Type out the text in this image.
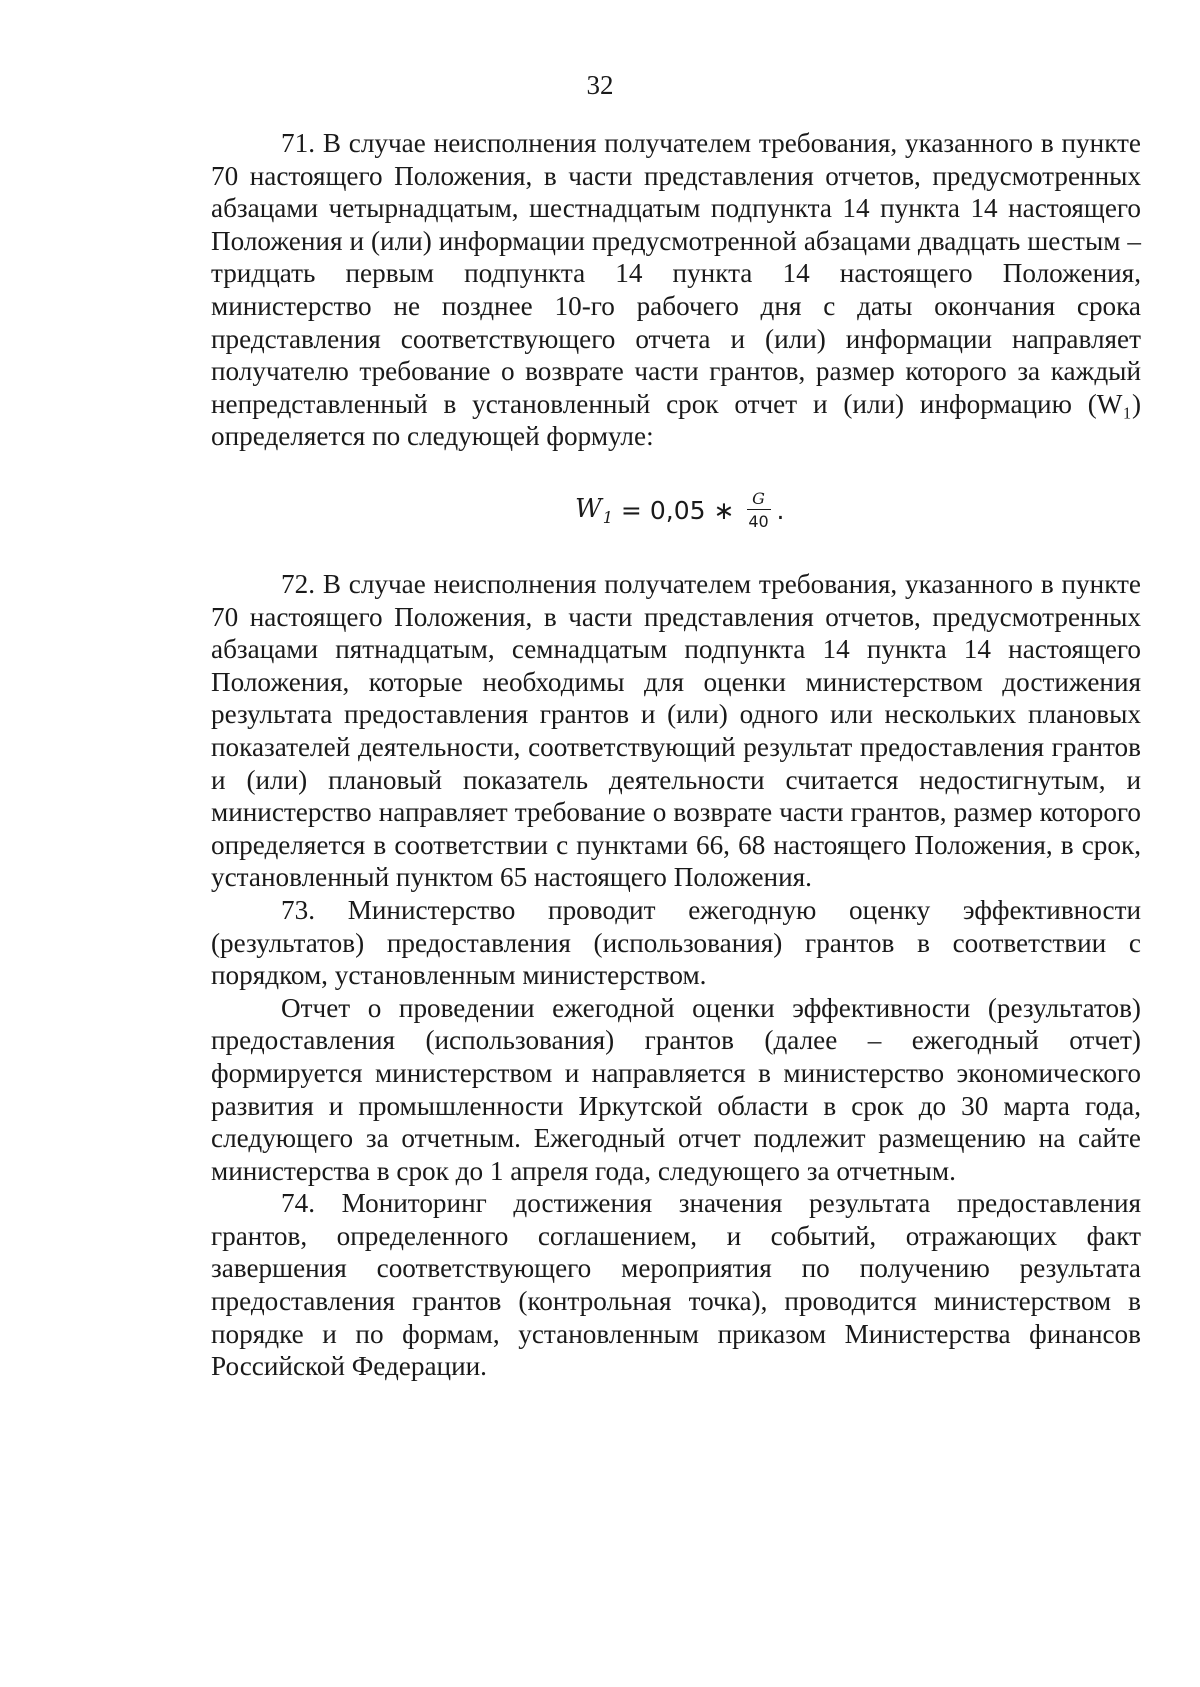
32

71. В случае неисполнения получателем требования, указанного в пункте 70 настоящего Положения, в части представления отчетов, предусмотренных абзацами четырнадцатым, шестнадцатым подпункта 14 пункта 14 настоящего Положения и (или) информации предусмотренной абзацами двадцать шестым – тридцать первым подпункта 14 пункта 14 настоящего Положения, министерство не позднее 10-го рабочего дня с даты окончания срока представления соответствующего отчета и (или) информации направляет получателю требование о возврате части грантов, размер которого за каждый непредставленный в установленный срок отчет и (или) информацию (W₁) определяется по следующей формуле:

$W_1 = 0,05$ ∗ $\frac{G}{40}$ .

72. В случае неисполнения получателем требования, указанного в пункте 70 настоящего Положения, в части представления отчетов, предусмотренных абзацами пятнадцатым, семнадцатым подпункта 14 пункта 14 настоящего Положения, которые необходимы для оценки министерством достижения результата предоставления грантов и (или) одного или нескольких плановых показателей деятельности, соответствующий результат предоставления грантов и (или) плановый показатель деятельности считается недостигнутым, и министерство направляет требование о возврате части грантов, размер которого определяется в соответствии с пунктами 66, 68 настоящего Положения, в срок, установленный пунктом 65 настоящего Положения.

73. Министерство проводит ежегодную оценку эффективности (результатов) предоставления (использования) грантов в соответствии с порядком, установленным министерством.

Отчет о проведении ежегодной оценки эффективности (результатов) предоставления (использования) грантов (далее – ежегодный отчет) формируется министерством и направляется в министерство экономического развития и промышленности Иркутской области в срок до 30 марта года, следующего за отчетным. Ежегодный отчет подлежит размещению на сайте министерства в срок до 1 апреля года, следующего за отчетным.

74. Мониторинг достижения значения результата предоставления грантов, определенного соглашением, и событий, отражающих факт завершения соответствующего мероприятия по получению результата предоставления грантов (контрольная точка), проводится министерством в порядке и по формам, установленным приказом Министерства финансов Российской Федерации.
